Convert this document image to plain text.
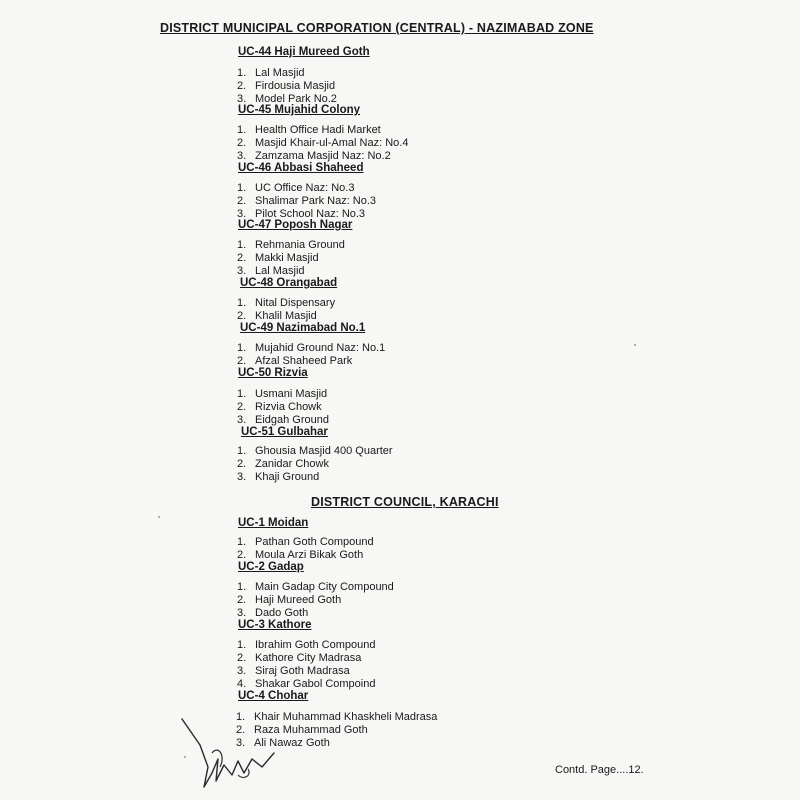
DISTRICT MUNICIPAL CORPORATION (CENTRAL) - NAZIMABAD ZONE
UC-44 Haji Mureed Goth
1. Lal Masjid
2. Firdousia Masjid
3. Model Park No.2
UC-45 Mujahid Colony
1. Health Office Hadi Market
2. Masjid Khair-ul-Amal Naz: No.4
3. Zamzama Masjid Naz: No.2
UC-46 Abbasi Shaheed
1. UC Office Naz: No.3
2. Shalimar Park Naz: No.3
3. Pilot School Naz: No.3
UC-47 Poposh Nagar
1. Rehmania Ground
2. Makki Masjid
3. Lal Masjid
UC-48 Orangabad
1. Nital Dispensary
2. Khalil Masjid
UC-49 Nazimabad No.1
1. Mujahid Ground Naz: No.1
2. Afzal Shaheed Park
UC-50 Rizvia
1. Usmani Masjid
2. Rizvia Chowk
3. Eidgah Ground
UC-51 Gulbahar
1. Ghousia Masjid 400 Quarter
2. Zanidar Chowk
3. Khaji Ground
DISTRICT COUNCIL, KARACHI
UC-1 Moidan
1. Pathan Goth Compound
2. Moula Arzi Bikak Goth
UC-2 Gadap
1. Main Gadap City Compound
2. Haji Mureed Goth
3. Dado Goth
UC-3 Kathore
1. Ibrahim Goth Compound
2. Kathore City Madrasa
3. Siraj Goth Madrasa
4. Shakar Gabol Compoind
UC-4 Chohar
1. Khair Muhammad Khaskheli Madrasa
2. Raza Muhammad Goth
3. Ali Nawaz Goth
Contd. Page....12.
